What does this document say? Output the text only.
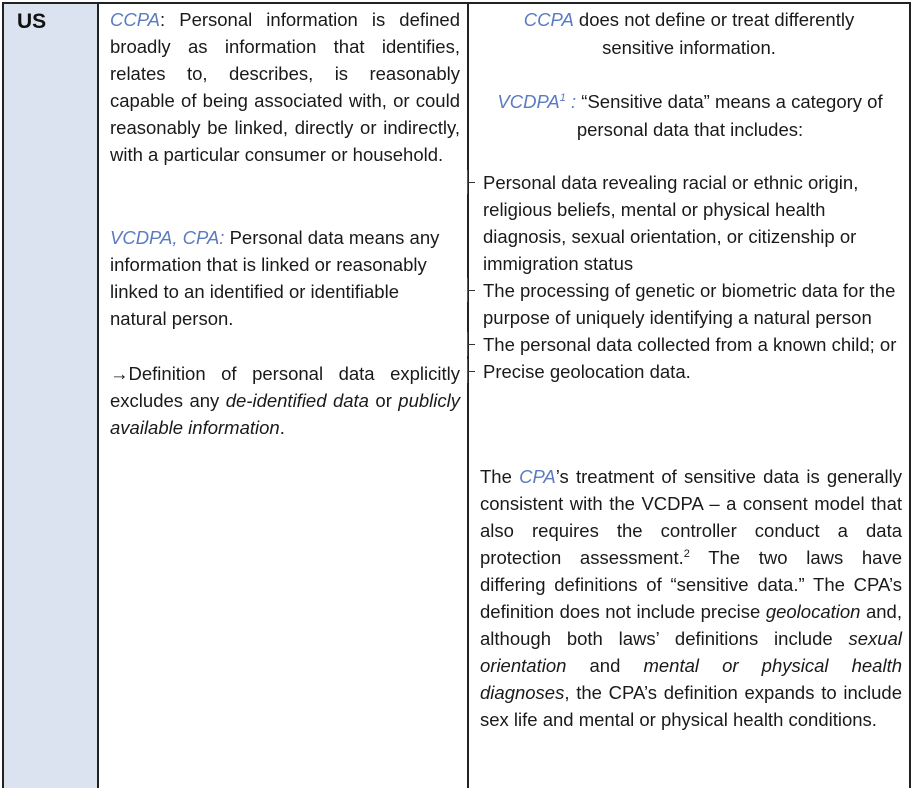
US	CCPA: Personal information is defined broadly as information that identifies, relates to, describes, is reasonably capable of being associated with, or could reasonably be linked, directly or indirectly, with a particular consumer or household.
VCDPA, CPA: Personal data means any information that is linked or reasonably linked to an identified or identifiable natural person.
→Definition of personal data explicitly excludes any de-identified data or publicly available information.
CCPA does not define or treat differently sensitive information.
VCDPA$^1$ : “Sensitive data” means a category of personal data that includes:
Personal data revealing racial or ethnic origin, religious beliefs, mental or physical health diagnosis, sexual orientation, or citizenship or immigration status
The processing of genetic or biometric data for the purpose of uniquely identifying a natural person
The personal data collected from a known child; or
Precise geolocation data.
The CPA’s treatment of sensitive data is generally consistent with the VCDPA – a consent model that also requires the controller conduct a data protection assessment.$^2$ The two laws have differing definitions of “sensitive data.” The CPA’s definition does not include precise geolocation and, although both laws’ definitions include sexual orientation and mental or physical health diagnoses, the CPA’s definition expands to include sex life and mental or physical health conditions.
